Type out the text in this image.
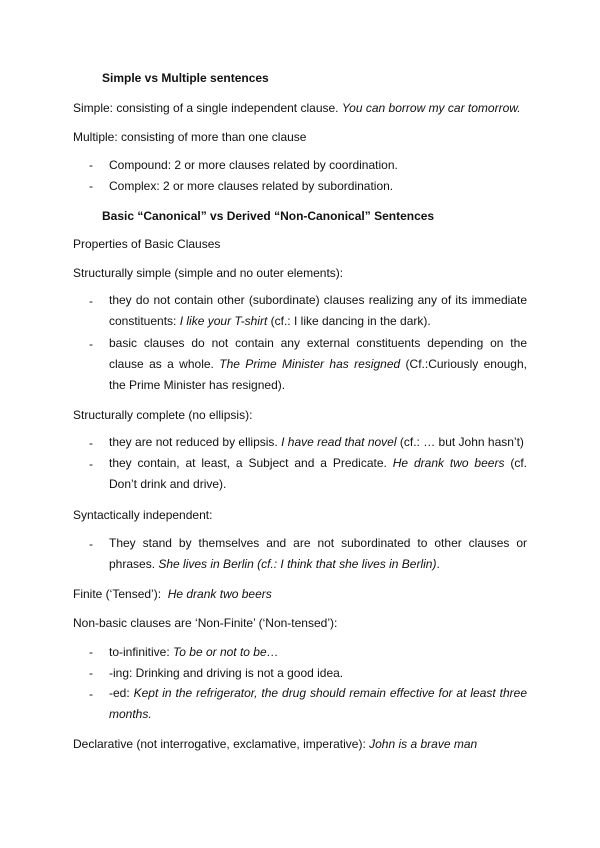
Simple vs Multiple sentences
Simple: consisting of a single independent clause. You can borrow my car tomorrow.
Multiple: consisting of more than one clause
- Compound: 2 or more clauses related by coordination.
- Complex: 2 or more clauses related by subordination.
Basic “Canonical” vs Derived “Non-Canonical” Sentences
Properties of Basic Clauses
Structurally simple (simple and no outer elements):
- they do not contain other (subordinate) clauses realizing any of its immediate
constituents: I like your T-shirt (cf.: I like dancing in the dark).
- basic clauses do not contain any external constituents depending on the
clause as a whole. The Prime Minister has resigned (Cf.:Curiously enough,
the Prime Minister has resigned).
Structurally complete (no ellipsis):
- they are not reduced by ellipsis. I have read that novel (cf.: … but John hasn’t)
- they contain, at least, a Subject and a Predicate. He drank two beers (cf.
Don’t drink and drive).
Syntactically independent:
- They stand by themselves and are not subordinated to other clauses or
phrases. She lives in Berlin (cf.: I think that she lives in Berlin).
Finite (‘Tensed’): He drank two beers
Non-basic clauses are ‘Non-Finite’ (‘Non-tensed’):
- to-infinitive: To be or not to be…
- -ing: Drinking and driving is not a good idea.
- -ed: Kept in the refrigerator, the drug should remain effective for at least three
months.
Declarative (not interrogative, exclamative, imperative): John is a brave man
